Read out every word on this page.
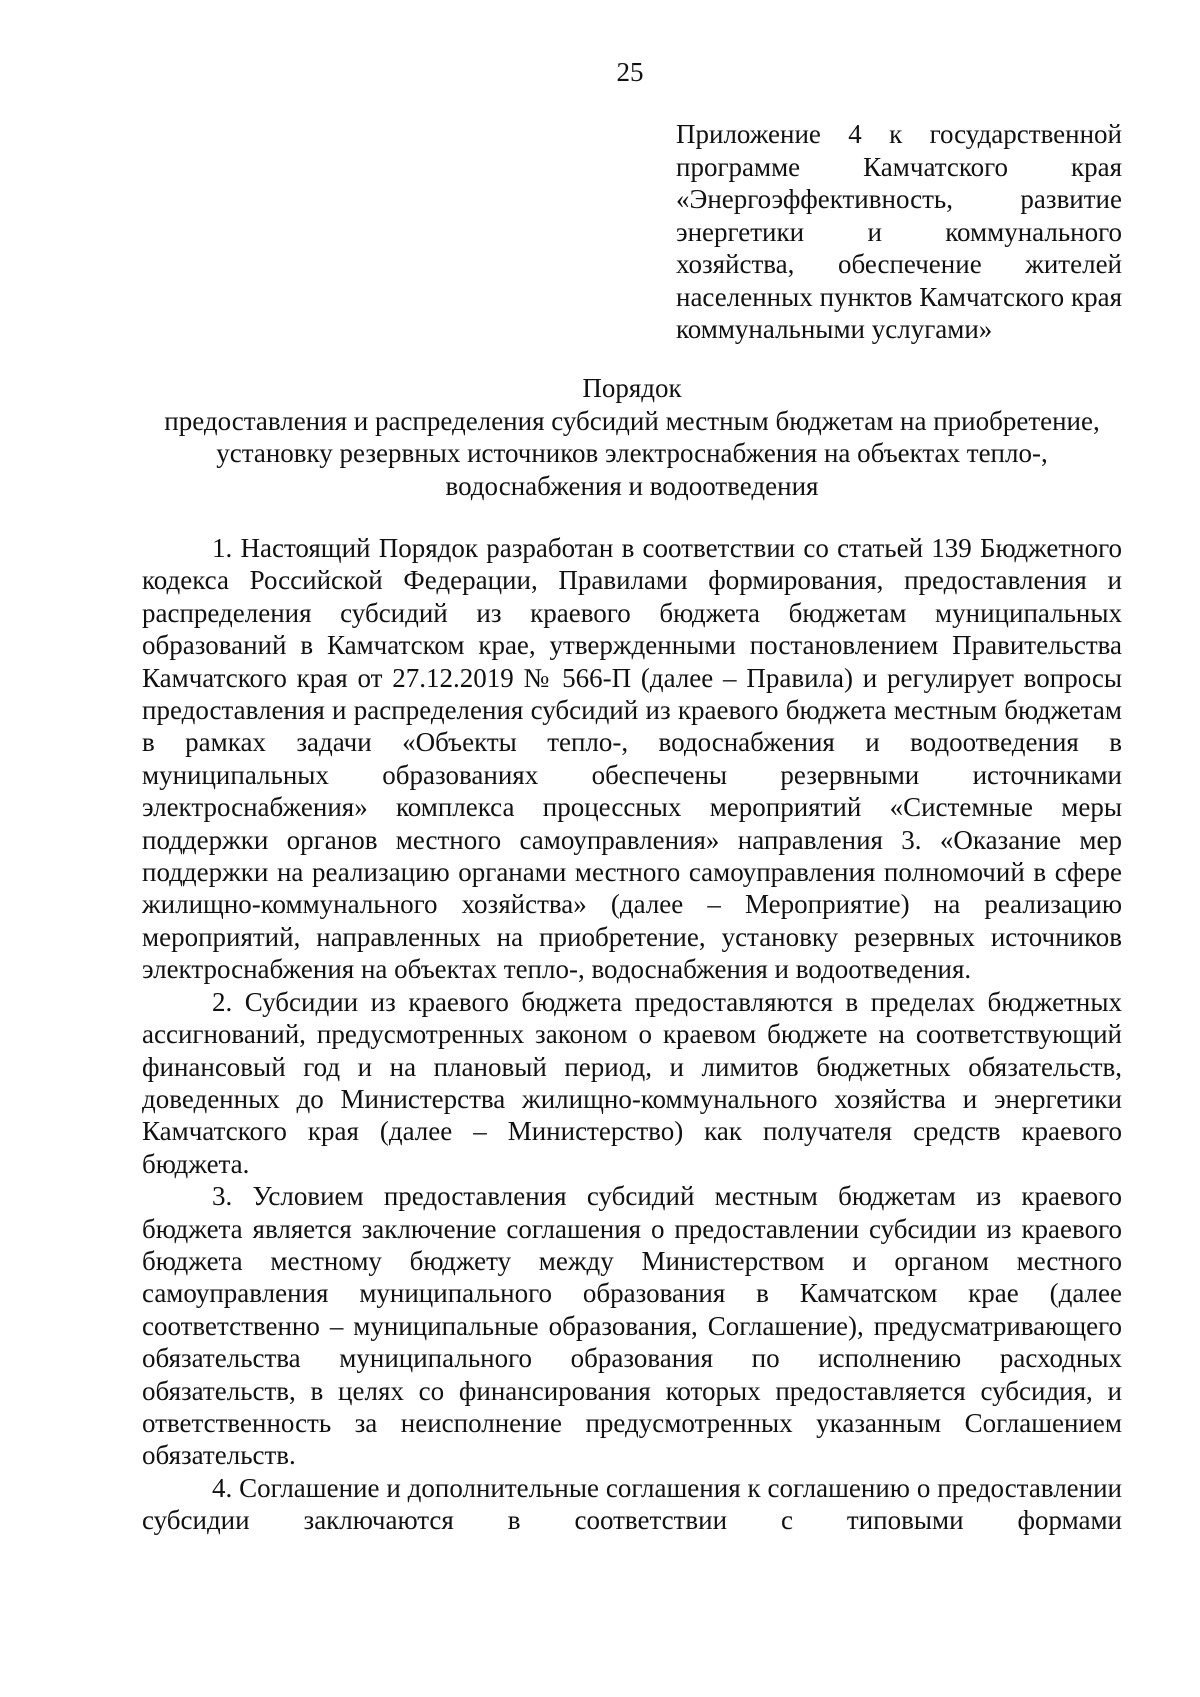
25
Приложение 4 к государственной программе Камчатского края «Энергоэффективность, развитие энергетики и коммунального хозяйства, обеспечение жителей населенных пунктов Камчатского края коммунальными услугами»
Порядок
предоставления и распределения субсидий местным бюджетам на приобретение, установку резервных источников электроснабжения на объектах тепло-, водоснабжения и водоотведения

1. Настоящий Порядок разработан в соответствии со статьей 139 Бюджетного кодекса Российской Федерации, Правилами формирования, предоставления и распределения субсидий из краевого бюджета бюджетам муниципальных образований в Камчатском крае, утвержденными постановлением Правительства Камчатского края от 27.12.2019 № 566-П (далее – Правила) и регулирует вопросы предоставления и распределения субсидий из краевого бюджета местным бюджетам в рамках задачи «Объекты тепло-, водоснабжения и водоотведения в муниципальных образованиях обеспечены резервными источниками электроснабжения» комплекса процессных мероприятий «Системные меры поддержки органов местного самоуправления» направления 3. «Оказание мер поддержки на реализацию органами местного самоуправления полномочий в сфере жилищно-коммунального хозяйства» (далее – Мероприятие) на реализацию мероприятий, направленных на приобретение, установку резервных источников электроснабжения на объектах тепло-, водоснабжения и водоотведения.

2. Субсидии из краевого бюджета предоставляются в пределах бюджетных ассигнований, предусмотренных законом о краевом бюджете на соответствующий финансовый год и на плановый период, и лимитов бюджетных обязательств, доведенных до Министерства жилищно-коммунального хозяйства и энергетики Камчатского края (далее – Министерство) как получателя средств краевого бюджета.

3. Условием предоставления субсидий местным бюджетам из краевого бюджета является заключение соглашения о предоставлении субсидии из краевого бюджета местному бюджету между Министерством и органом местного самоуправления муниципального образования в Камчатском крае (далее соответственно – муниципальные образования, Соглашение), предусматривающего обязательства муниципального образования по исполнению расходных обязательств, в целях со финансирования которых предоставляется субсидия, и ответственность за неисполнение предусмотренных указанным Соглашением обязательств.

4. Соглашение и дополнительные соглашения к соглашению о предоставлении субсидии заключаются в соответствии с типовыми формами
